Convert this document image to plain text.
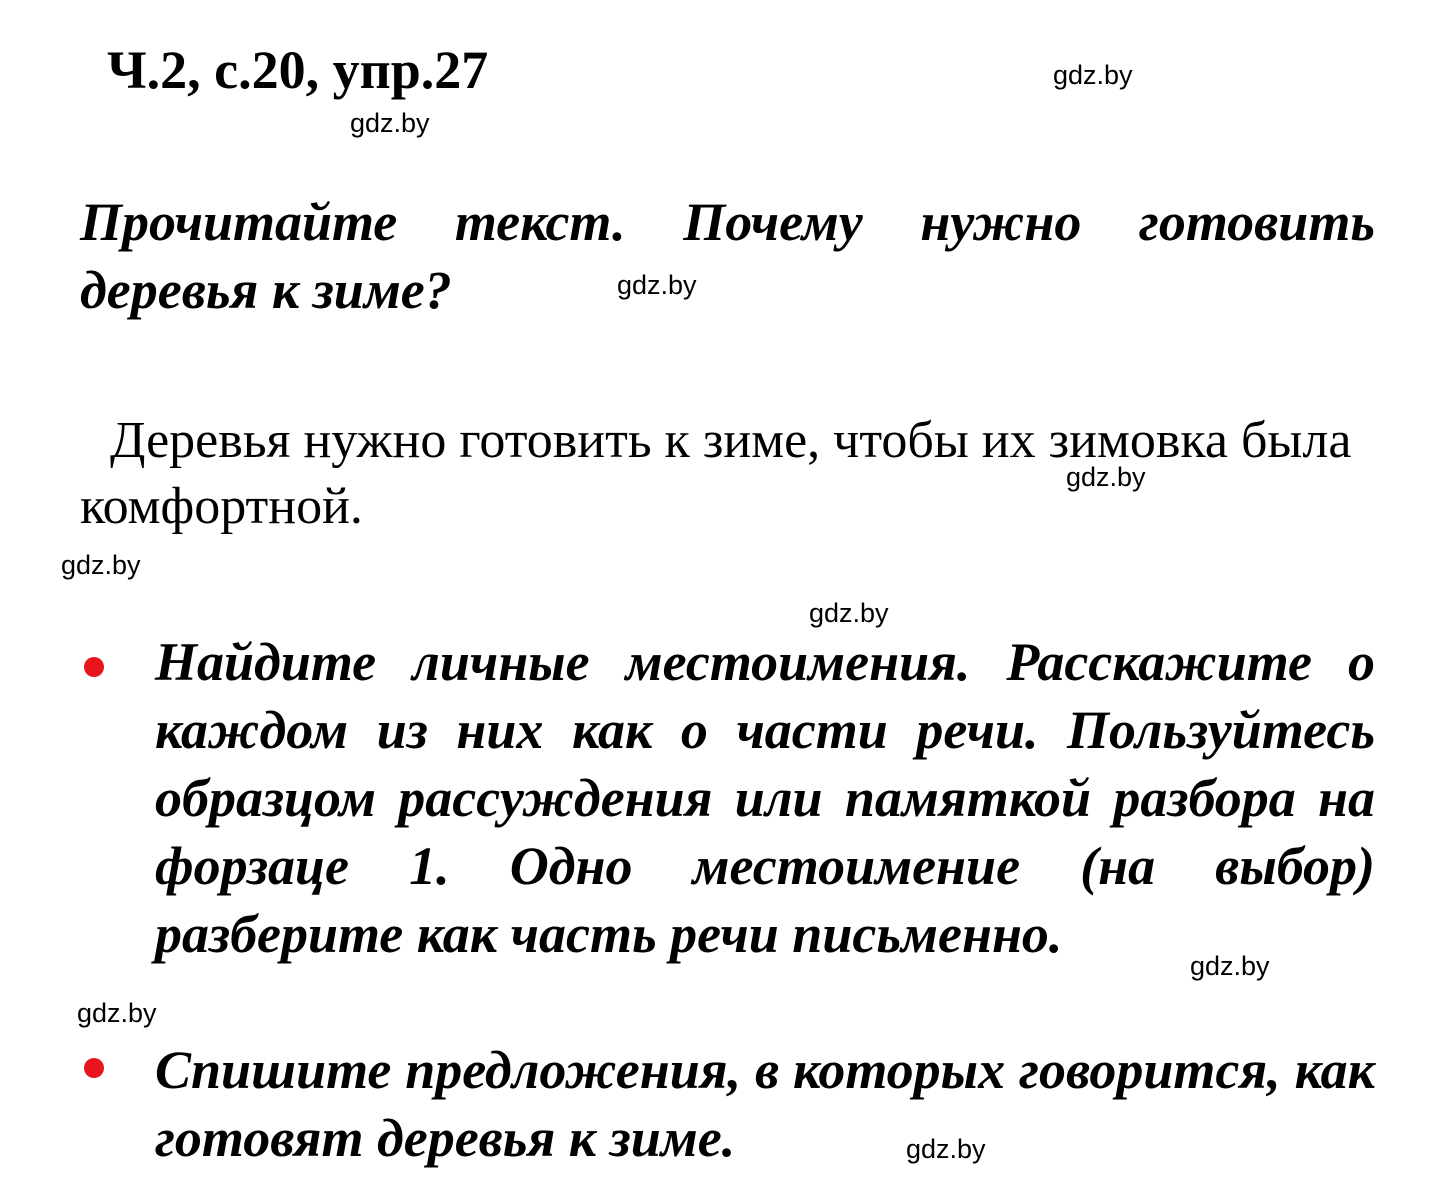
Ч.2, с.20, упр.27
Прочитайте текст. Почему нужно готовить деревья к зиме?
Деревья нужно готовить к зиме, чтобы их зимовка была комфортной.
Найдите личные местоимения. Расскажите о каждом из них как о части речи. Пользуйтесь образцом рассуждения или памяткой разбора на форзаце 1. Одно местоимение (на выбор) разберите как часть речи письменно.
Спишите предложения, в которых говорится, как готовят деревья к зиме.
gdz.by
gdz.by
gdz.by
gdz.by
gdz.by
gdz.by
gdz.by
gdz.by
gdz.by
